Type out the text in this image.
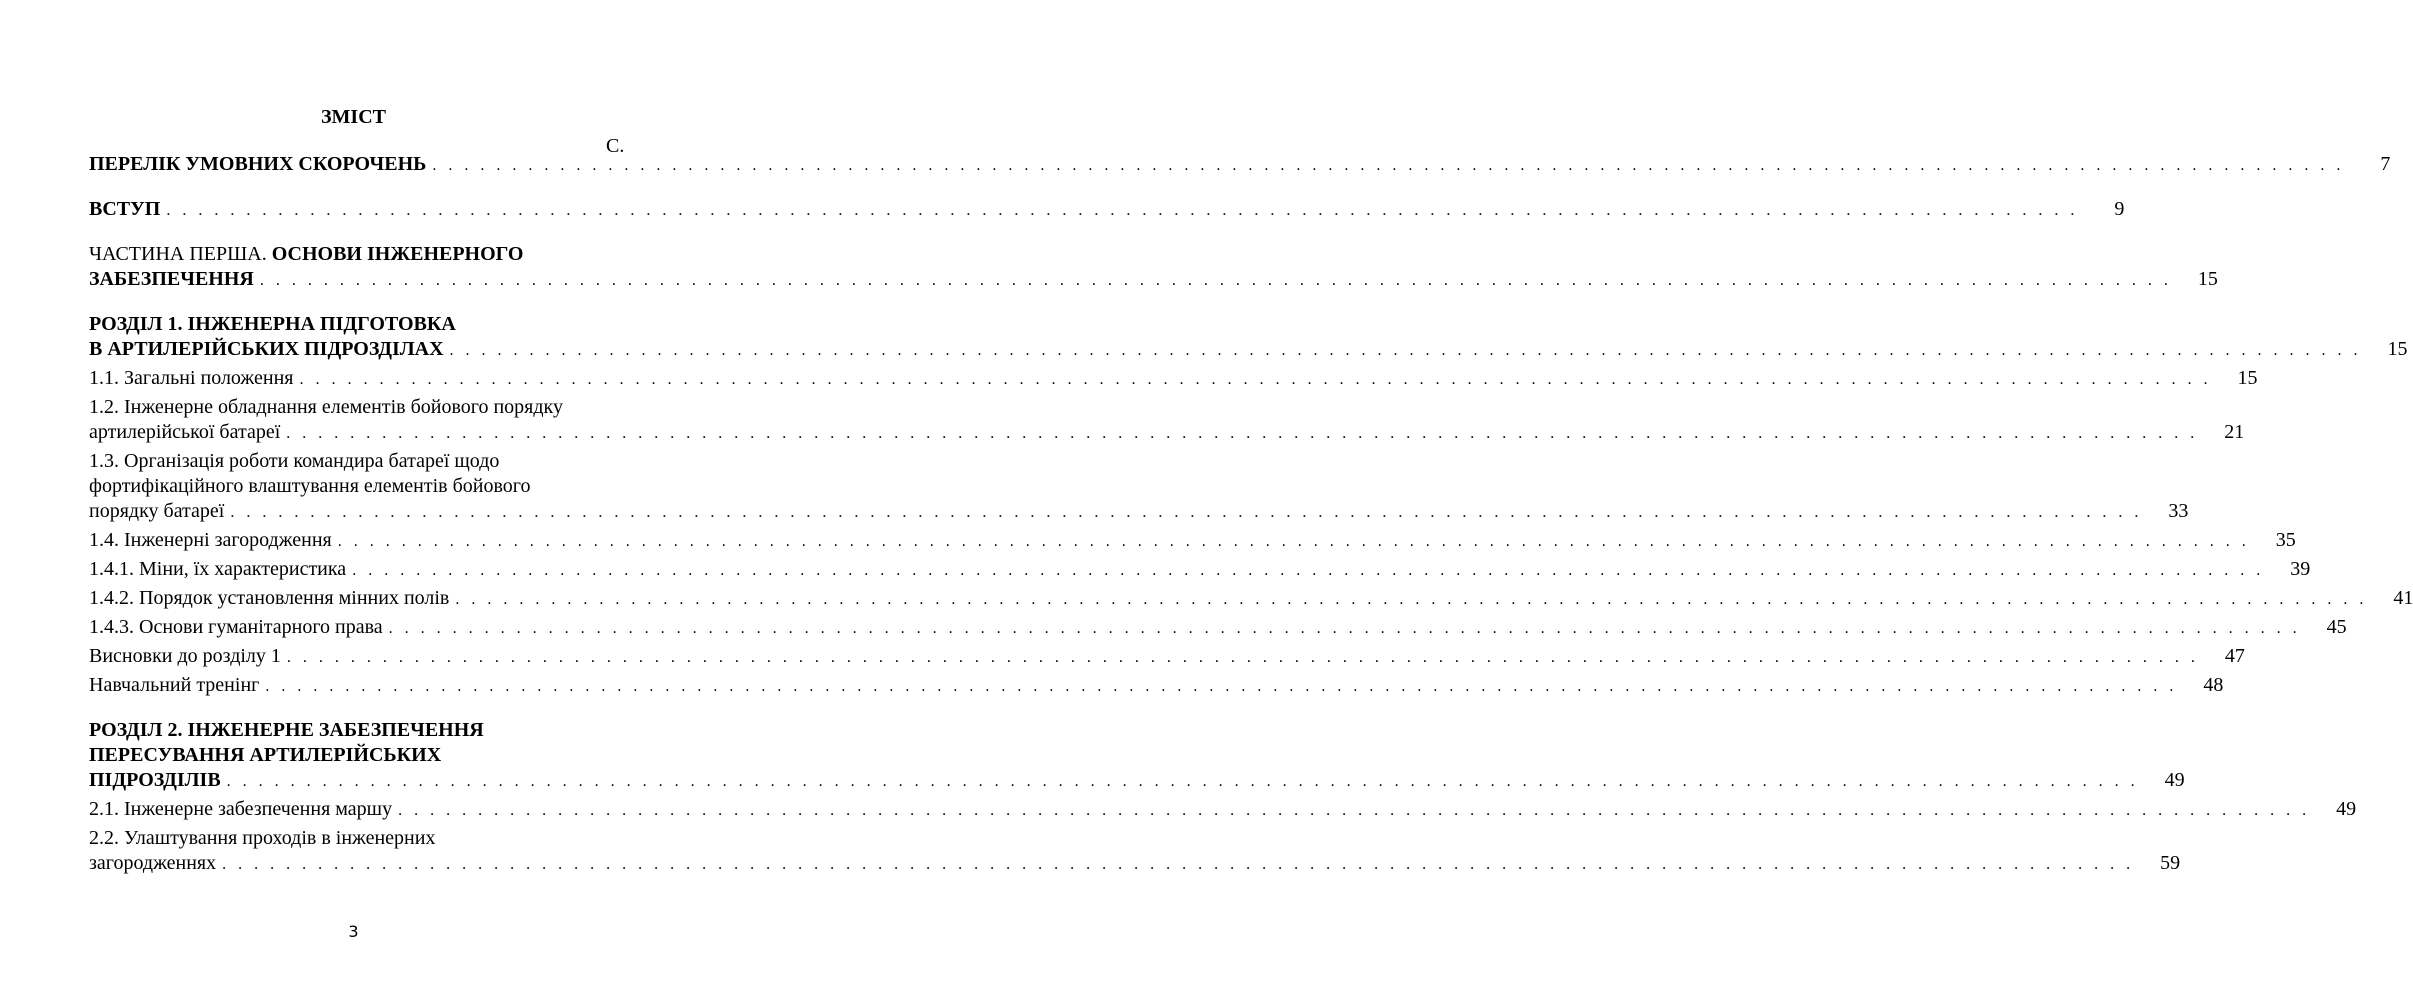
ЗМІСТ
С.
ПЕРЕЛІК УМОВНИХ СКОРОЧЕНЬ . . . . . . . . . . . . . . . . . . . . . . . . . . . . . . . . . . . . . . . . . . . . . . . . . . . . . . . . . . . . . . . . . . . . . . . . . . . . . . . . . . . . . . . . . . . . . . . . . . . . . . . . . . . . . . . . . . . . . . . .	7
ВСТУП . . . . . . . . . . . . . . . . . . . . . . . . . . . . . . . . . . . . . . . . . . . . . . . . . . . . . . . . . . . . . . . . . . . . . . . . . . . . . . . . . . . . . . . . . . . . . . . . . . . . . . . . . . . . . . . . . . . . . . . .	9
ЧАСТИНА ПЕРША. ОСНОВИ ІНЖЕНЕРНОГО
ЗАБЕЗПЕЧЕННЯ . . . . . . . . . . . . . . . . . . . . . . . . . . . . . . . . . . . . . . . . . . . . . . . . . . . . . . . . . . . . . . . . . . . . . . . . . . . . . . . . . . . . . . . . . . . . . . . . . . . . . . . . . . . . . . . . . . . . . . . .	15
РОЗДІЛ 1. ІНЖЕНЕРНА ПІДГОТОВКА
В АРТИЛЕРІЙСЬКИХ ПІДРОЗДІЛАХ . . . . . . . . . . . . . . . . . . . . . . . . . . . . . . . . . . . . . . . . . . . . . . . . . . . . . . . . . . . . . . . . . . . . . . . . . . . . . . . . . . . . . . . . . . . . . . . . . . . . . . . . . . . . . . . . . . . . . . . .	15
1.1. Загальні положення . . . . . . . . . . . . . . . . . . . . . . . . . . . . . . . . . . . . . . . . . . . . . . . . . . . . . . . . . . . . . . . . . . . . . . . . . . . . . . . . . . . . . . . . . . . . . . . . . . . . . . . . . . . . . . . . . . . . . . . .	15
1.2. Інженерне обладнання елементів бойового порядку
артилерійської батареї . . . . . . . . . . . . . . . . . . . . . . . . . . . . . . . . . . . . . . . . . . . . . . . . . . . . . . . . . . . . . . . . . . . . . . . . . . . . . . . . . . . . . . . . . . . . . . . . . . . . . . . . . . . . . . . . . . . . . . . .	21
1.3. Організація роботи командира батареї щодо
фортифікаційного влаштування елементів бойового
порядку батареї . . . . . . . . . . . . . . . . . . . . . . . . . . . . . . . . . . . . . . . . . . . . . . . . . . . . . . . . . . . . . . . . . . . . . . . . . . . . . . . . . . . . . . . . . . . . . . . . . . . . . . . . . . . . . . . . . . . . . . . .	33
1.4. Інженерні загородження . . . . . . . . . . . . . . . . . . . . . . . . . . . . . . . . . . . . . . . . . . . . . . . . . . . . . . . . . . . . . . . . . . . . . . . . . . . . . . . . . . . . . . . . . . . . . . . . . . . . . . . . . . . . . . . . . . . . . . . .	35
1.4.1. Міни, їх характеристика . . . . . . . . . . . . . . . . . . . . . . . . . . . . . . . . . . . . . . . . . . . . . . . . . . . . . . . . . . . . . . . . . . . . . . . . . . . . . . . . . . . . . . . . . . . . . . . . . . . . . . . . . . . . . . . . . . . . . . . .	39
1.4.2. Порядок установлення мінних полів . . . . . . . . . . . . . . . . . . . . . . . . . . . . . . . . . . . . . . . . . . . . . . . . . . . . . . . . . . . . . . . . . . . . . . . . . . . . . . . . . . . . . . . . . . . . . . . . . . . . . . . . . . . . . . . . . . . . . . . .	41
1.4.3. Основи гуманітарного права . . . . . . . . . . . . . . . . . . . . . . . . . . . . . . . . . . . . . . . . . . . . . . . . . . . . . . . . . . . . . . . . . . . . . . . . . . . . . . . . . . . . . . . . . . . . . . . . . . . . . . . . . . . . . . . . . . . . . . . .	45
Висновки до розділу 1 . . . . . . . . . . . . . . . . . . . . . . . . . . . . . . . . . . . . . . . . . . . . . . . . . . . . . . . . . . . . . . . . . . . . . . . . . . . . . . . . . . . . . . . . . . . . . . . . . . . . . . . . . . . . . . . . . . . . . . . .	47
Навчальний тренінг . . . . . . . . . . . . . . . . . . . . . . . . . . . . . . . . . . . . . . . . . . . . . . . . . . . . . . . . . . . . . . . . . . . . . . . . . . . . . . . . . . . . . . . . . . . . . . . . . . . . . . . . . . . . . . . . . . . . . . . .	48
РОЗДІЛ 2. ІНЖЕНЕРНЕ ЗАБЕЗПЕЧЕННЯ
ПЕРЕСУВАННЯ АРТИЛЕРІЙСЬКИХ
ПІДРОЗДІЛІВ . . . . . . . . . . . . . . . . . . . . . . . . . . . . . . . . . . . . . . . . . . . . . . . . . . . . . . . . . . . . . . . . . . . . . . . . . . . . . . . . . . . . . . . . . . . . . . . . . . . . . . . . . . . . . . . . . . . . . . . .	49
2.1. Інженерне забезпечення маршу . . . . . . . . . . . . . . . . . . . . . . . . . . . . . . . . . . . . . . . . . . . . . . . . . . . . . . . . . . . . . . . . . . . . . . . . . . . . . . . . . . . . . . . . . . . . . . . . . . . . . . . . . . . . . . . . . . . . . . . .	49
2.2. Улаштування проходів в інженерних
загородженнях . . . . . . . . . . . . . . . . . . . . . . . . . . . . . . . . . . . . . . . . . . . . . . . . . . . . . . . . . . . . . . . . . . . . . . . . . . . . . . . . . . . . . . . . . . . . . . . . . . . . . . . . . . . . . . . . . . . . . . . .	59
3
